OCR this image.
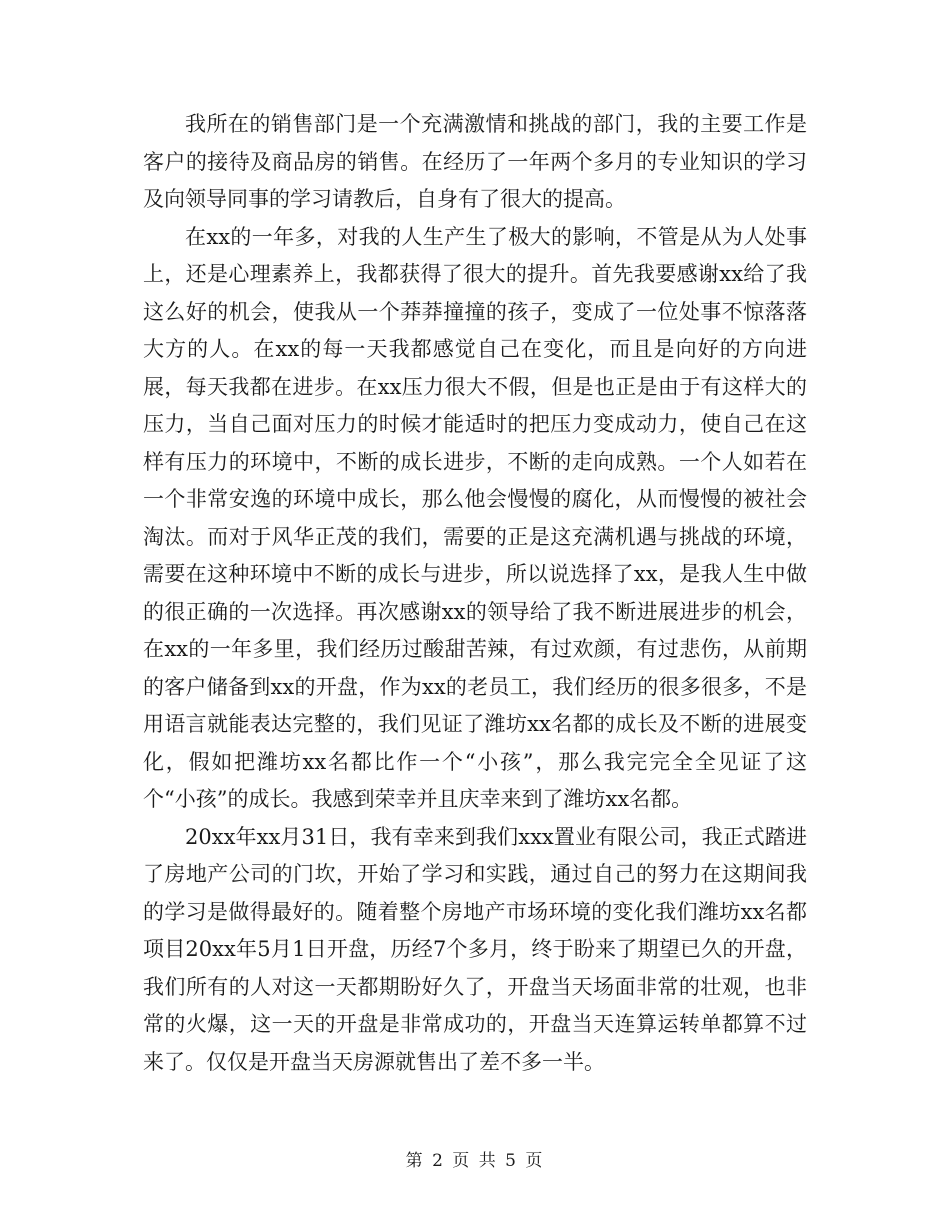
我所在的销售部门是一个充满激情和挑战的部门，我的主要工作是客户的接待及商品房的销售。在经历了一年两个多月的专业知识的学习及向领导同事的学习请教后，自身有了很大的提高。

在xx的一年多，对我的人生产生了极大的影响，不管是从为人处事上，还是心理素养上，我都获得了很大的提升。首先我要感谢xx给了我这么好的机会，使我从一个莽莽撞撞的孩子，变成了一位处事不惊落落大方的人。在xx的每一天我都感觉自己在变化，而且是向好的方向进展，每天我都在进步。在xx压力很大不假，但是也正是由于有这样大的压力，当自己面对压力的时候才能适时的把压力变成动力，使自己在这样有压力的环境中，不断的成长进步，不断的走向成熟。一个人如若在一个非常安逸的环境中成长，那么他会慢慢的腐化，从而慢慢的被社会淘汰。而对于风华正茂的我们，需要的正是这充满机遇与挑战的环境，需要在这种环境中不断的成长与进步，所以说选择了xx，是我人生中做的很正确的一次选择。再次感谢xx的领导给了我不断进展进步的机会，在xx的一年多里，我们经历过酸甜苦辣，有过欢颜，有过悲伤，从前期的客户储备到xx的开盘，作为xx的老员工，我们经历的很多很多，不是用语言就能表达完整的，我们见证了潍坊xx名都的成长及不断的进展变化，假如把潍坊xx名都比作一个“小孩”，那么我完完全全见证了这个“小孩”的成长。我感到荣幸并且庆幸来到了潍坊xx名都。

20xx年xx月31日，我有幸来到我们xxx置业有限公司，我正式踏进了房地产公司的门坎，开始了学习和实践，通过自己的努力在这期间我的学习是做得最好的。随着整个房地产市场环境的变化我们潍坊xx名都项目20xx年5月1日开盘，历经7个多月，终于盼来了期望已久的开盘，我们所有的人对这一天都期盼好久了，开盘当天场面非常的壮观，也非常的火爆，这一天的开盘是非常成功的，开盘当天连算运转单都算不过来了。仅仅是开盘当天房源就售出了差不多一半。

第 2 页 共 5 页
